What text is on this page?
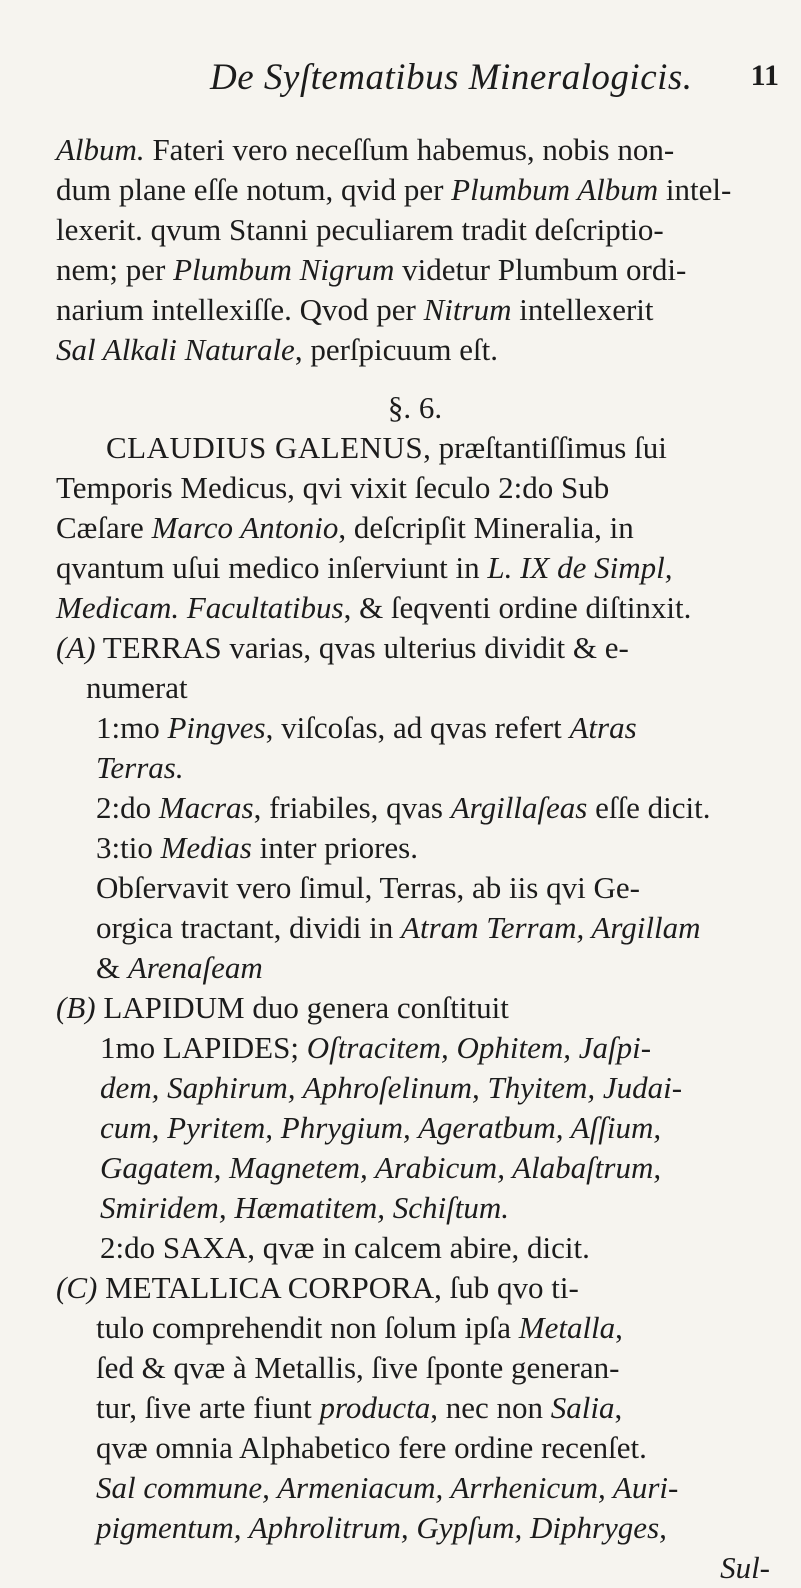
De Syſtematibus Mineralogicis. 11
Album. Fateri vero neceſſum habemus, nobis non-
dum plane eſſe notum, qvid per Plumbum Album intel-
lexerit. qvum Stanni peculiarem tradit deſcriptio-
nem; per Plumbum Nigrum videtur Plumbum ordi-
narium intellexiſſe. Qvod per Nitrum intellexerit
Sal Alkali Naturale, perſpicuum eſt.
§. 6.
CLAUDIUS GALENUS, præſtantiſſimus ſui
Temporis Medicus, qvi vixit ſeculo 2:do Sub
Cæſare Marco Antonio, deſcripſit Mineralia, in
qvantum uſui medico inſerviunt in L. IX de Simpl,
Medicam. Facultatibus, & ſeqventi ordine diſtinxit.
(A) TERRAS varias, qvas ulterius dividit & e-
numerat
1:mo Pingves, viſcoſas, ad qvas refert Atras
Terras.
2:do Macras, friabiles, qvas Argillaſeas eſſe dicit.
3:tio Medias inter priores.
Obſervavit vero ſimul, Terras, ab iis qvi Ge-
orgica tractant, dividi in Atram Terram, Argillam
& Arenaſeam
(B) LAPIDUM duo genera conſtituit
1mo LAPIDES; Oſtracitem, Ophitem, Jaſpi-
dem, Saphirum, Aphroſelinum, Thyitem, Judai-
cum, Pyritem, Phrygium, Ageratbum, Aſſium,
Gagatem, Magnetem, Arabicum, Alabaſtrum,
Smiridem, Hæmatitem, Schiſtum.
2:do SAXA, qvæ in calcem abire, dicit.
(C) METALLICA CORPORA, ſub qvo ti-
tulo comprehendit non ſolum ipſa Metalla,
ſed & qvæ à Metallis, ſive ſponte generan-
tur, ſive arte fiunt producta, nec non Salia,
qvæ omnia Alphabetico fere ordine recenſet.
Sal commune, Armeniacum, Arrhenicum, Auri-
pigmentum, Aphrolitrum, Gypſum, Diphryges,
Sul-
